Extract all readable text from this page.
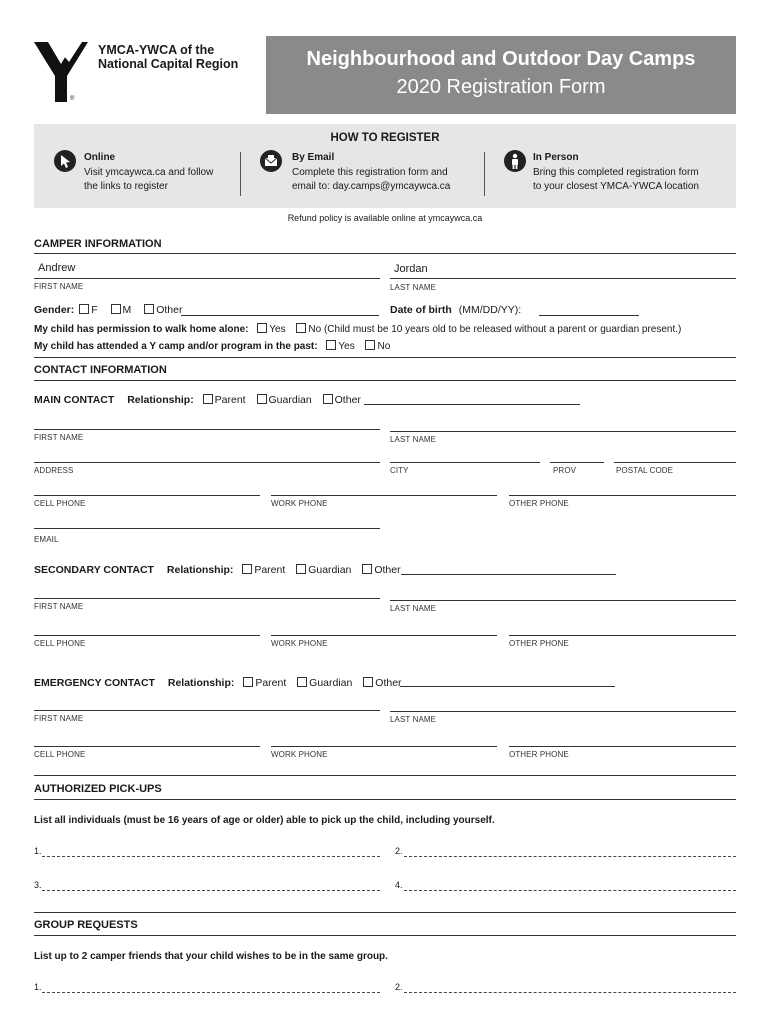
®
YMCA-YWCA of the
National Capital Region	Neighbourhood and Outdoor Day Camps
2020 Registration Form
HOW TO REGISTER
Online
Visit ymcaywca.ca and follow
the links to register
By Email
Complete this registration form and
email to: day.camps@ymcaywca.ca
In Person
Bring this completed registration form
to your closest YMCA-YWCA location
Refund policy is available online at ymcaywca.ca
CAMPER INFORMATION
Andrew
FIRST NAME
Jordan
LAST NAME
Gender: F M Other	Date of birth (MM/DD/YY):
My child has permission to walk home alone: Yes No (Child must be 10 years old to be released without a parent or guardian present.)
My child has attended a Y camp and/or program in the past: Yes No
CONTACT INFORMATION
MAIN CONTACT Relationship: Parent Guardian Other
FIRST NAME	LAST NAME
ADDRESS	CITY	PROV	POSTAL CODE
CELL PHONE	WORK PHONE	OTHER PHONE
EMAIL
SECONDARY CONTACT Relationship: Parent Guardian Other
FIRST NAME	LAST NAME
CELL PHONE	WORK PHONE	OTHER PHONE
EMERGENCY CONTACT Relationship: Parent Guardian Other
FIRST NAME	LAST NAME
CELL PHONE	WORK PHONE	OTHER PHONE
AUTHORIZED PICK-UPS
List all individuals (must be 16 years of age or older) able to pick up the child, including yourself.
1.	2.
3.	4.
GROUP REQUESTS
List up to 2 camper friends that your child wishes to be in the same group.
1.	2.
